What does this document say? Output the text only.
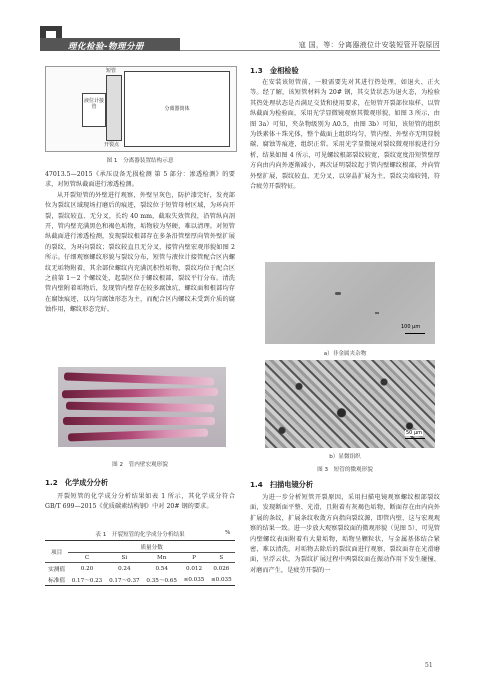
理化检验-物理分册	寇 国，等：分离器液位计安装短管开裂原因
液位计接管
短管
开裂点
分离器筒体
图 1　分离器装置结构示意

47013.5—2015《承压设备无损检测 第 5 部分：渗透检测》的要求，对短管纵截面进行渗透检测。

从开裂短管的外壁进行观察，外壁呈灰色，防护漆完好，发亮部位为裂纹区域现场打磨后的痕迹，裂纹位于短管母材区域，为环向开裂，裂纹较直、无分叉，长约 40 mm，截取失效管段，沿管纵向剖开，管内壁充满黑色和褐色垢物，垢物较为坚硬，难以清理。对短管纵截面进行渗透检测，发现裂纹根部存在多条沿管壁厚向管外壁扩展的裂纹，为环向裂纹；裂纹较直且无分叉，接管内壁宏观形貌如图 2 所示。仔细观察螺纹形貌与裂纹分布，短管与液位计接管配合区内螺纹无垢物附着，其余部位螺纹内充满沉积性垢物，裂纹均位于配合区之前第 1～2 个螺纹处，起裂区位于螺纹根部，裂纹平行分布。清洗管内壁附着垢物后，发现管内壁存在较多腐蚀坑，螺纹面和根部均存在腐蚀痕迹，以均匀腐蚀形态为主，而配合区内螺纹未受到介质的腐蚀作用，螺纹形态完好。

图 2　管内壁宏观形貌
1.2　化学成分分析

开裂短管的化学成分分析结果如表 1 所示，其化学成分符合 GB/T 699—2015《优质碳素结构钢》中对 20# 钢的要求。

表 1　开裂短管的化学成分分析结果	%
项目	质量分数				
	C	Si	Mn	P	S
实测值	0.20	0.24	0.54	0.012	0.026
标准值	0.17～0.23	0.17～0.37	0.35～0.65	≤0.035	≤0.035
1.3　金相检验

在安装该短管前，一般需要先对其进行热处理，如退火、正火等。经了解，该短管材料为 20# 钢，其交货状态为退火态，为检验其热处理状态是否满足交货和使用要求，在短管开裂部位取样，以管纵截面为检验面，采用光学显微镜观察其微观形貌，如图 3 所示，由图 3a）可知，夹杂物级别为 A0.5，由图 3b）可知，该短管的组织为铁素体＋珠光体，整个截面上组织均匀，管内壁、外壁亦无明显脱碳、腐蚀等痕迹，组织正常。采用光学显微镜对裂纹微观形貌进行分析，结果如图 4 所示，可见螺纹根部裂纹较宽，裂纹宽度沿短管壁厚方向由内向外逐渐减小，再次证明裂纹起于管内壁螺纹根部，并向管外壁扩展，裂纹较直、无分叉，以穿晶扩展为主，裂纹尖端较钝，符合疲劳开裂特征。

100 μm
a）非金属夹杂物
50 μm
b）显微组织
图 3　短管的微观形貌
1.4　扫描电镜分析

为进一步分析短管开裂原因，采用扫描电镜观察螺纹根部裂纹面，发现断面平整、光滑，且附着有灰褐色垢物，断面存在由内向外扩展的条纹，扩展条纹收敛方向指向裂纹源，即管内壁，这与宏观观察的结果一致。进一步放大观察裂纹面的微观形貌（见图 5），可见管内壁螺纹表面附着有大量垢物，垢物呈颗粒状，与金属基体结合紧密，难以清洗，对垢物去除后的裂纹面进行观察，裂纹面存在光滑磨面，呈浮云状，为裂纹扩展过程中两裂纹面在振动作用下发生碰撞、对磨而产生，是疲劳开裂的一

51
